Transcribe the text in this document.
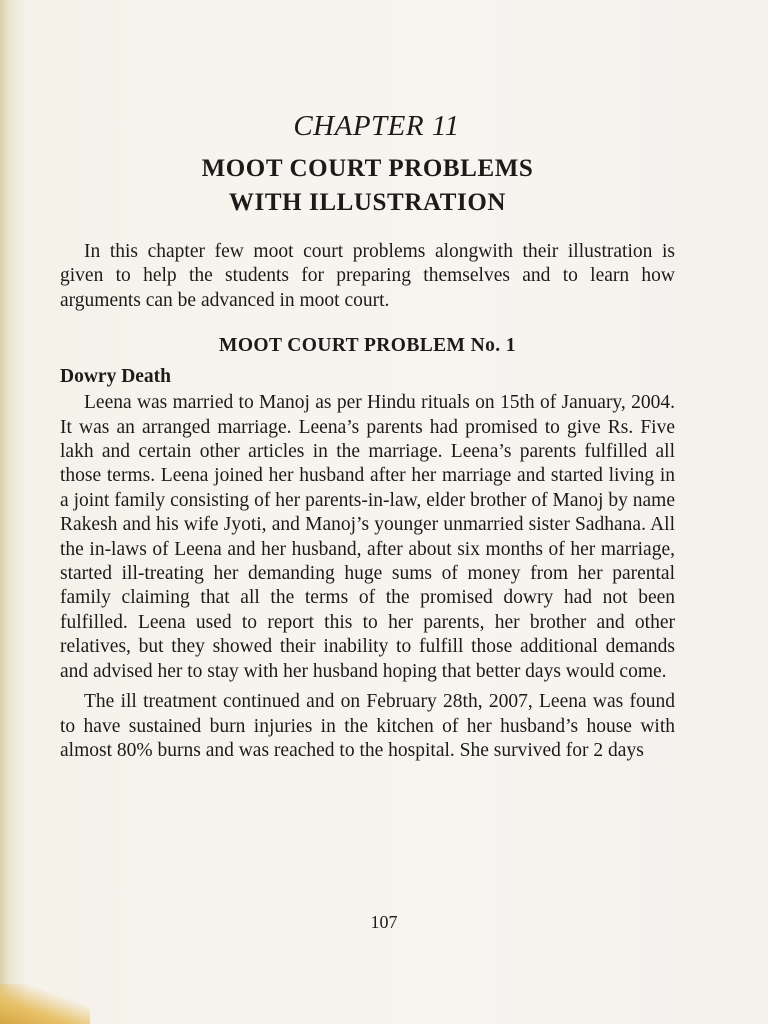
CHAPTER 11

MOOT COURT PROBLEMS
WITH ILLUSTRATION

In this chapter few moot court problems alongwith their illustration is given to help the students for preparing themselves and to learn how arguments can be advanced in moot court.

MOOT COURT PROBLEM No. 1

Dowry Death

Leena was married to Manoj as per Hindu rituals on 15th of January, 2004. It was an arranged marriage. Leena’s parents had promised to give Rs. Five lakh and certain other articles in the marriage. Leena’s parents fulfilled all those terms. Leena joined her husband after her marriage and started living in a joint family consisting of her parents-in-law, elder brother of Manoj by name Rakesh and his wife Jyoti, and Manoj’s younger unmarried sister Sadhana. All the in-laws of Leena and her husband, after about six months of her marriage, started ill-treating her demanding huge sums of money from her parental family claiming that all the terms of the promised dowry had not been fulfilled. Leena used to report this to her parents, her brother and other relatives, but they showed their inability to fulfill those additional demands and advised her to stay with her husband hoping that better days would come.

The ill treatment continued and on February 28th, 2007, Leena was found to have sustained burn injuries in the kitchen of her husband’s house with almost 80% burns and was reached to the hospital. She survived for 2 days

107
